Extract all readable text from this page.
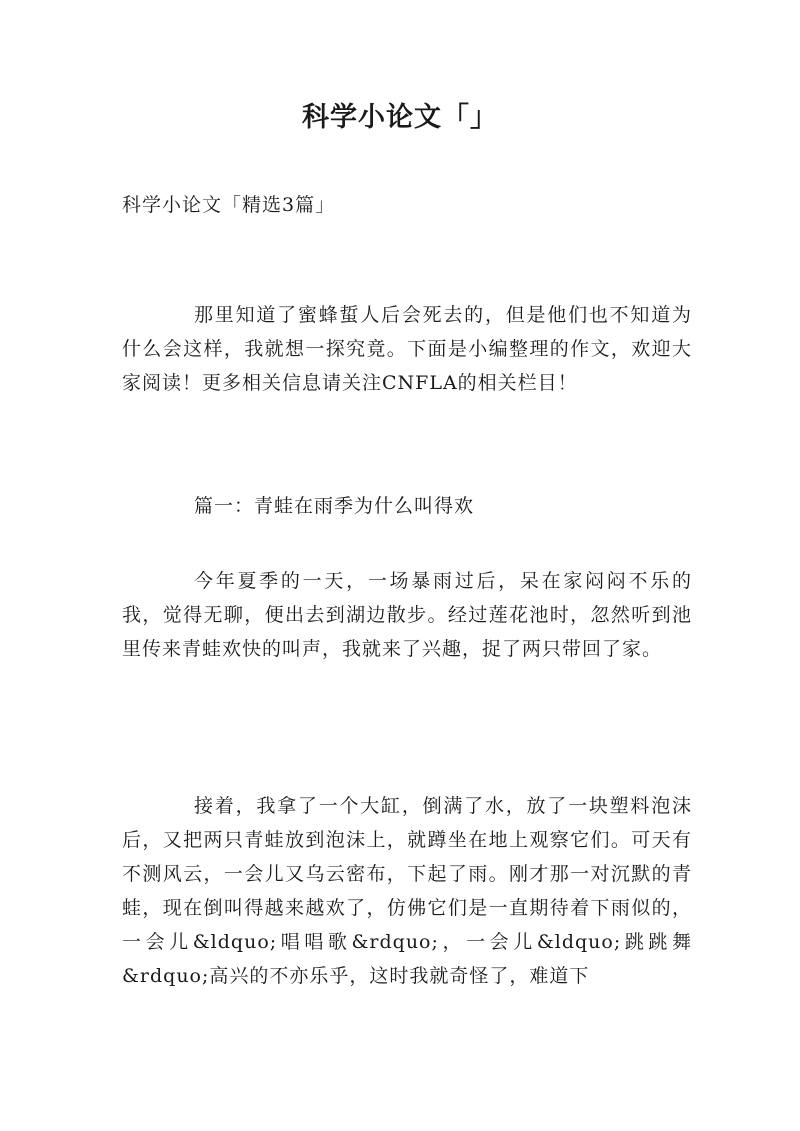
科学小论文「」
科学小论文「精选3篇」

那里知道了蜜蜂蜇人后会死去的，但是他们也不知道为什么会这样，我就想一探究竟。下面是小编整理的作文，欢迎大家阅读！更多相关信息请关注CNFLA的相关栏目！

篇一：青蛙在雨季为什么叫得欢

今年夏季的一天，一场暴雨过后，呆在家闷闷不乐的我，觉得无聊，便出去到湖边散步。经过莲花池时，忽然听到池里传来青蛙欢快的叫声，我就来了兴趣，捉了两只带回了家。

接着，我拿了一个大缸，倒满了水，放了一块塑料泡沫后，又把两只青蛙放到泡沫上，就蹲坐在地上观察它们。可天有不测风云，一会儿又乌云密布，下起了雨。刚才那一对沉默的青蛙，现在倒叫得越来越欢了，仿佛它们是一直期待着下雨似的，一会儿&ldquo;唱唱歌&rdquo;，一会儿&ldquo;跳跳舞&rdquo;高兴的不亦乐乎，这时我就奇怪了，难道下
